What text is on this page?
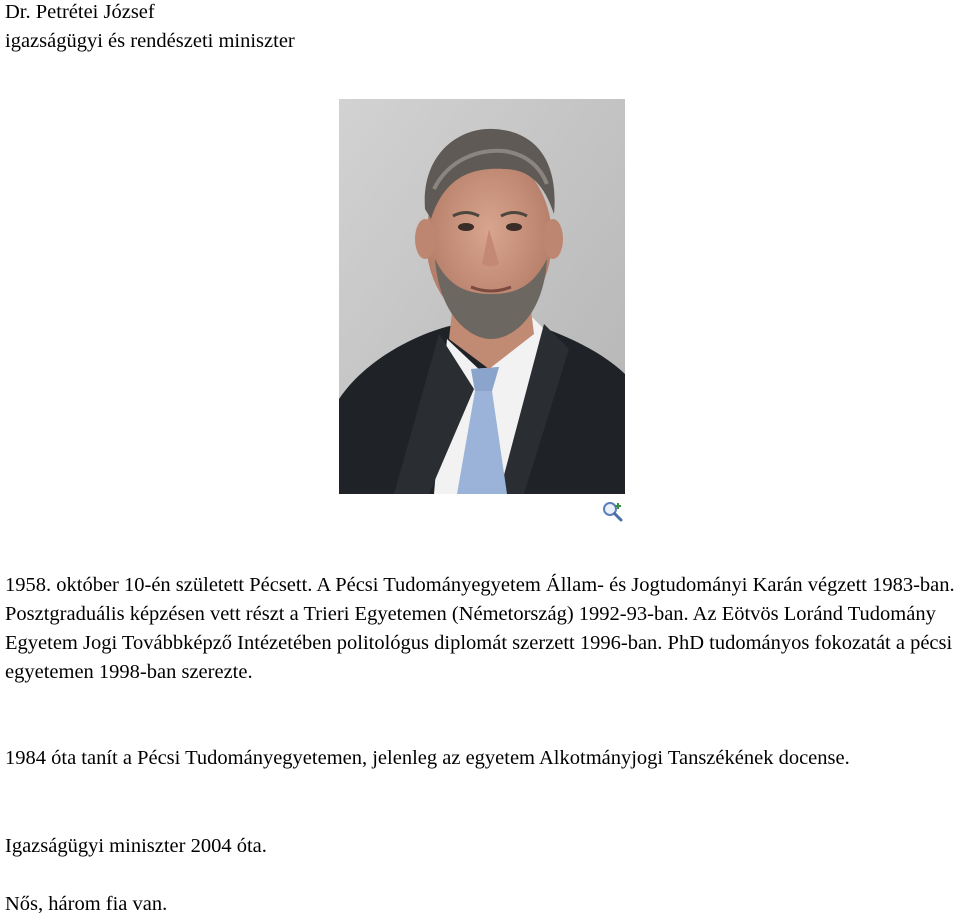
Dr. Petrétei József
igazságügyi és rendészeti miniszter

1958. október 10-én született Pécsett. A Pécsi Tudományegyetem Állam- és Jogtudományi Karán végzett 1983-ban. Posztgraduális képzésen vett részt a Trieri Egyetemen (Németország) 1992-93-ban. Az Eötvös Loránd Tudomány Egyetem Jogi Továbbképző Intézetében politológus diplomát szerzett 1996-ban. PhD tudományos fokozatát a pécsi egyetemen 1998-ban szerezte.

1984 óta tanít a Pécsi Tudományegyetemen, jelenleg az egyetem Alkotmányjogi Tanszékének docense.

Igazságügyi miniszter 2004 óta.

Nős, három fia van.
